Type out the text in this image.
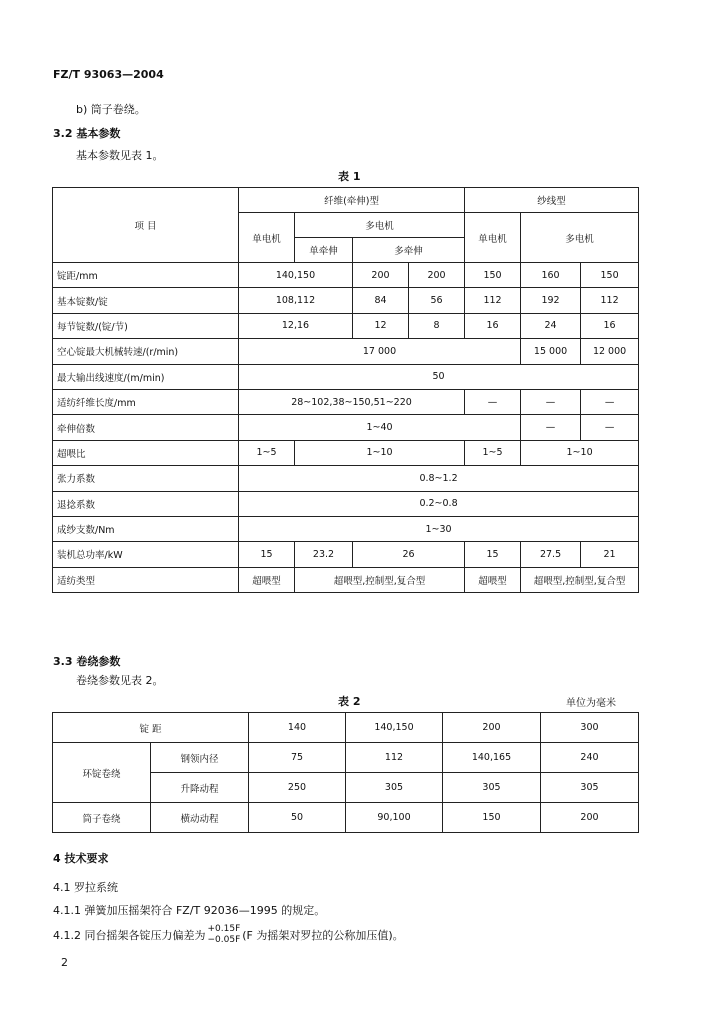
FZ/T 93063—2004
b) 筒子卷绕。
3.2 基本参数
基本参数见表 1。
表 1
项 目	纤维(牵伸)型				纱线型		
	单电机	多电机			单电机	多电机	
		单牵伸	多牵伸				
锭距/mm	140,150		200	200	150	160	150
基本锭数/锭	108,112		84	56	112	192	112
每节锭数/(锭/节)	12,16		12	8	16	24	16
空心锭最大机械转速/(r/min)	17 000					15 000	12 000
最大输出线速度/(m/min)	50						
适纺纤维长度/mm	28~102,38~150,51~220				—	—	—
牵伸倍数	1~40					—	—
超喂比	1~5	1~10			1~5	1~10	
张力系数	0.8~1.2						
退捻系数	0.2~0.8						
成纱支数/Nm	1~30						
装机总功率/kW	15	23.2	26		15	27.5	21
适纺类型	超喂型	超喂型,控制型,复合型			超喂型	超喂型,控制型,复合型	
3.3 卷绕参数
卷绕参数见表 2。
表 2	单位为毫米
锭 距		140	140,150	200	300
环锭卷绕	钢领内径	75	112	140,165	240
	升降动程	250	305	305	305
筒子卷绕	横动动程	50	90,100	150	200
4 技术要求
4.1 罗拉系统
4.1.1 弹簧加压摇架符合 FZ/T 92036—1995 的规定。
4.1.2 同台摇架各锭压力偏差为 +0.15F
−0.05F (F 为摇架对罗拉的公称加压值)。
2
